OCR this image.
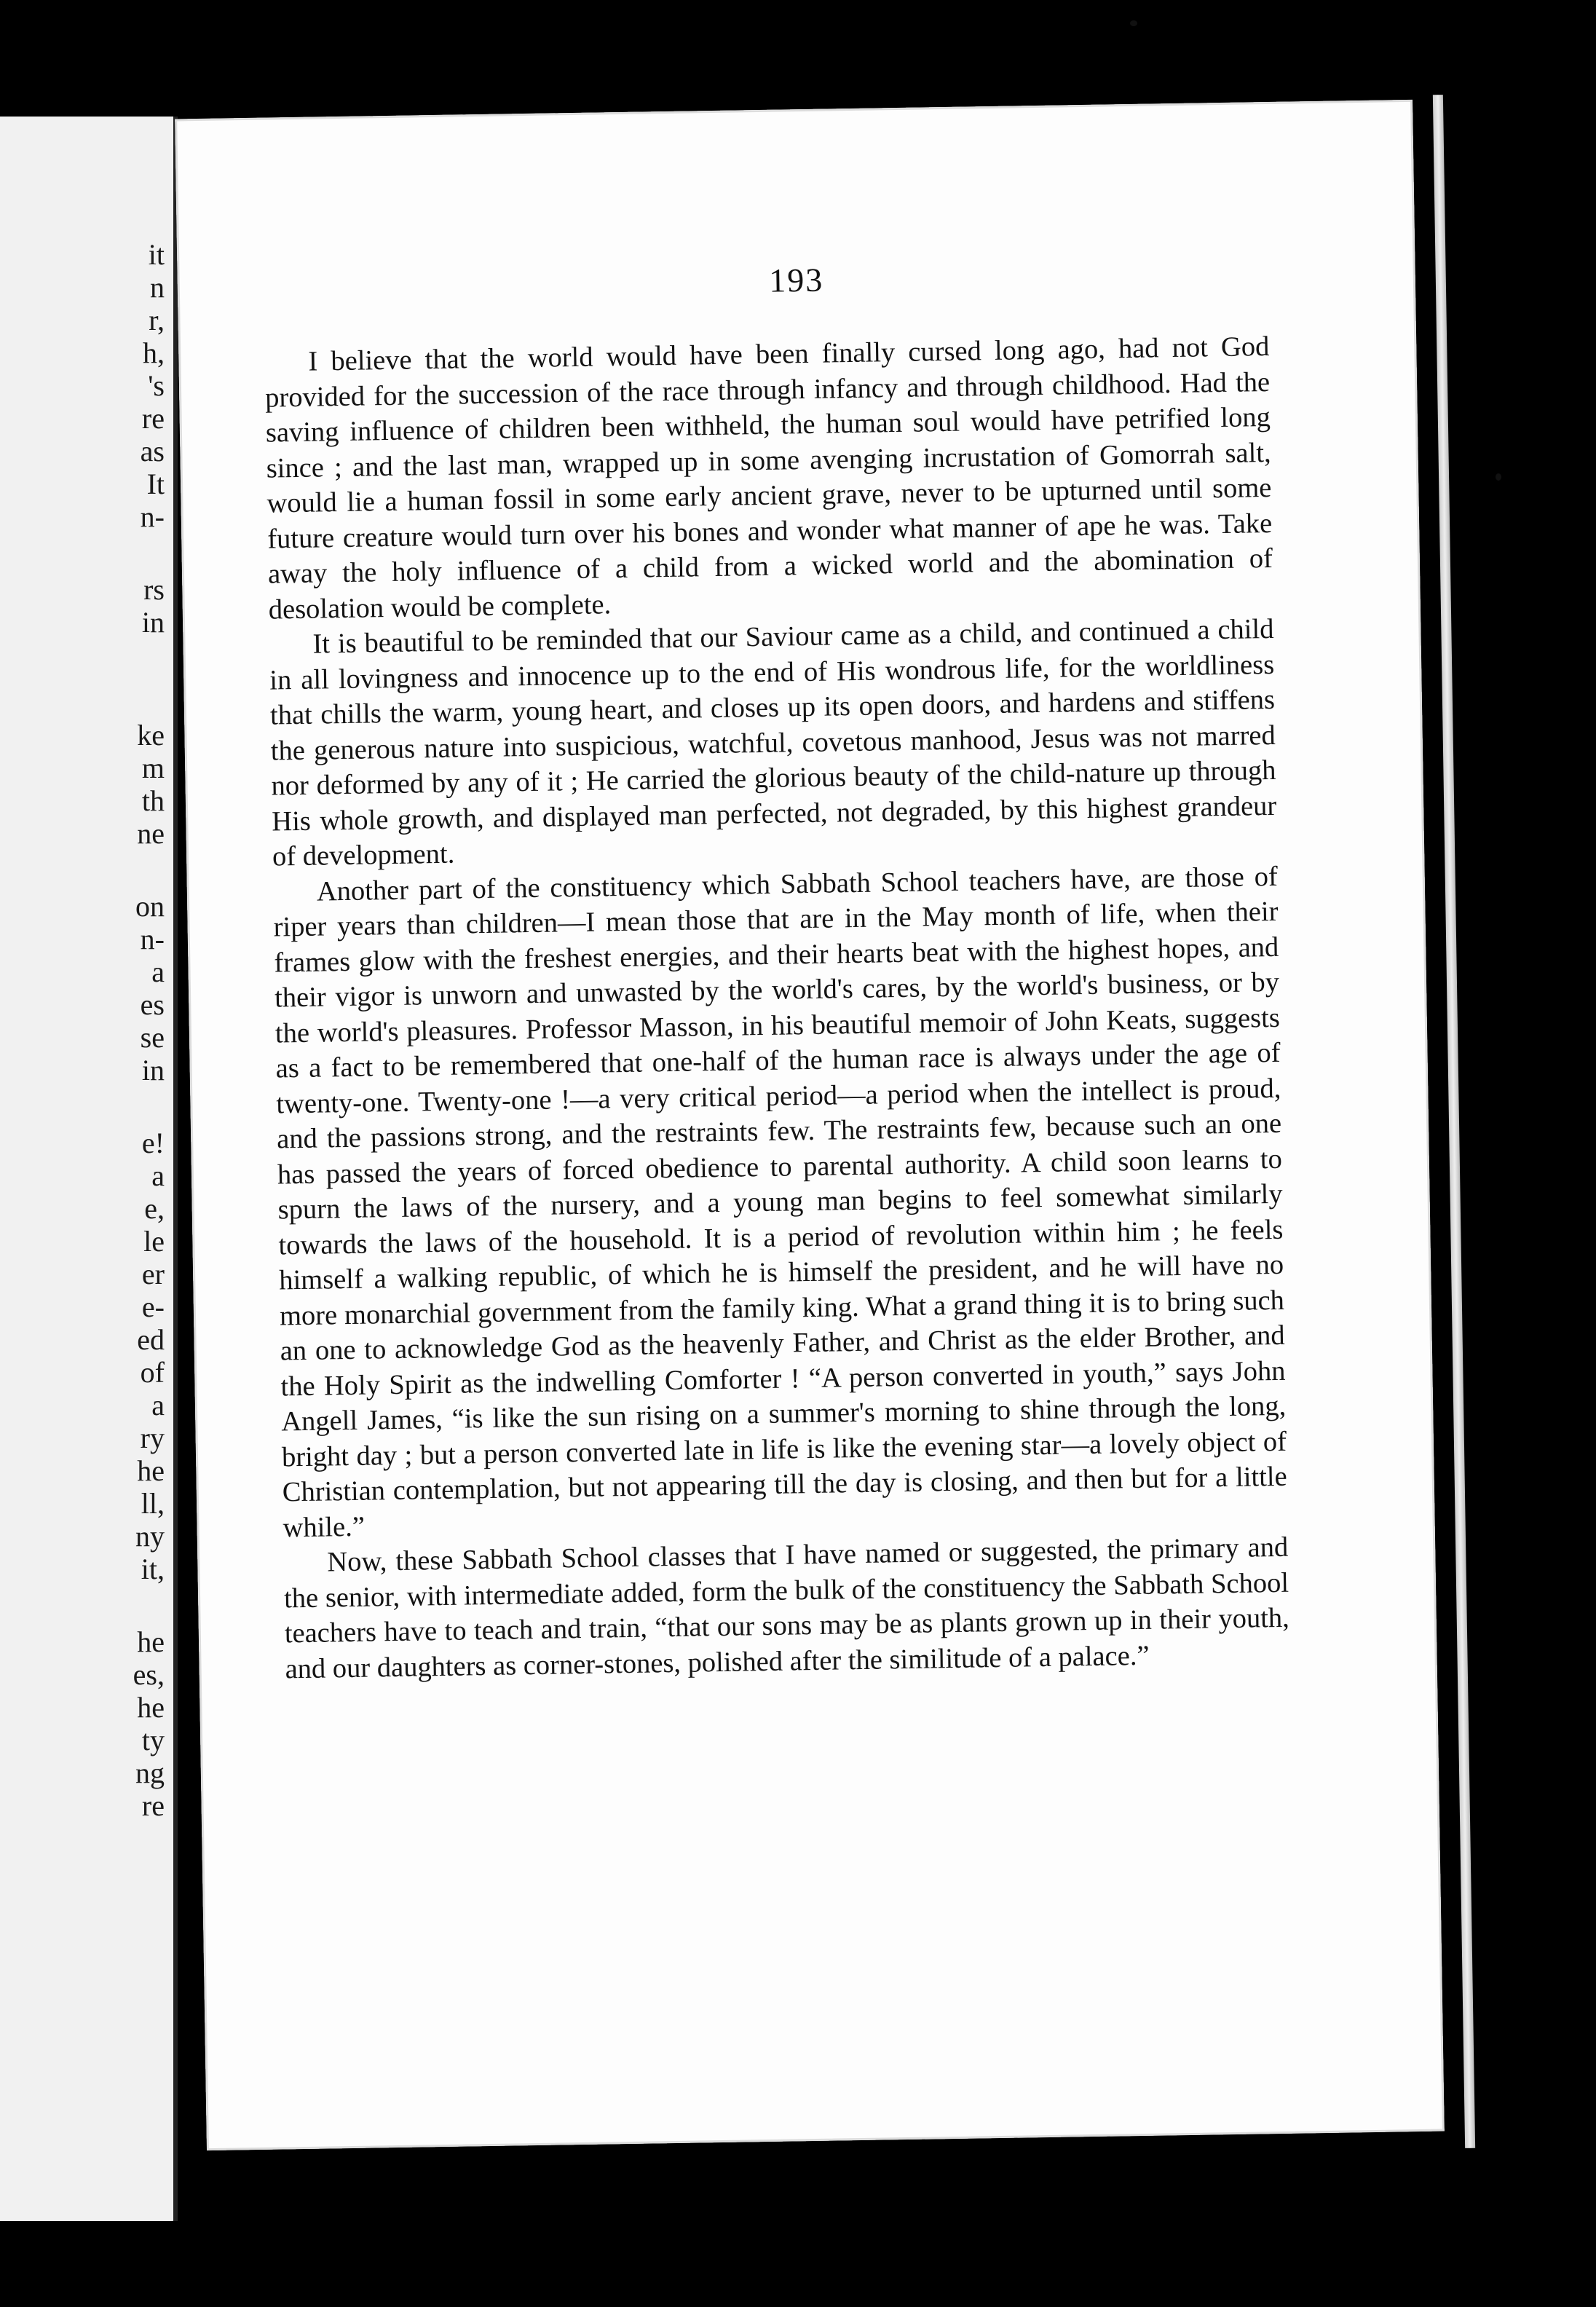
it
n
r,
h,
's
re
as
It
n-
rs
in
ke
m
th
ne
on
n-
a
es
se
in
e!
a
e,
le
er
e-
ed
of
a
ry
he
ll,
ny
it,
he
es,
he
ty
ng
re
193

I believe that the world would have been finally cursed long ago, had not God provided for the succession of the race through infancy and through childhood. Had the saving influence of children been withheld, the human soul would have petrified long since ; and the last man, wrapped up in some avenging incrustation of Gomorrah salt, would lie a human fossil in some early ancient grave, never to be upturned until some future creature would turn over his bones and wonder what manner of ape he was. Take away the holy influence of a child from a wicked world and the abomination of desolation would be complete.

It is beautiful to be reminded that our Saviour came as a child, and continued a child in all lovingness and innocence up to the end of His wondrous life, for the worldliness that chills the warm, young heart, and closes up its open doors, and hardens and stiffens the generous nature into suspicious, watchful, covetous manhood, Jesus was not marred nor deformed by any of it ; He carried the glorious beauty of the child-nature up through His whole growth, and displayed man perfected, not degraded, by this highest grandeur of development.

Another part of the constituency which Sabbath School teachers have, are those of riper years than children—I mean those that are in the May month of life, when their frames glow with the freshest energies, and their hearts beat with the highest hopes, and their vigor is unworn and unwasted by the world's cares, by the world's business, or by the world's pleasures. Professor Masson, in his beautiful memoir of John Keats, suggests as a fact to be remembered that one-half of the human race is always under the age of twenty-one. Twenty-one !—a very critical period—a period when the intellect is proud, and the passions strong, and the restraints few. The restraints few, because such an one has passed the years of forced obedience to parental authority. A child soon learns to spurn the laws of the nursery, and a young man begins to feel somewhat similarly towards the laws of the household. It is a period of revolution within him ; he feels himself a walking republic, of which he is himself the president, and he will have no more monarchial government from the family king. What a grand thing it is to bring such an one to acknowledge God as the heavenly Father, and Christ as the elder Brother, and the Holy Spirit as the indwelling Comforter ! “A person converted in youth,” says John Angell James, “is like the sun rising on a summer's morning to shine through the long, bright day ; but a person converted late in life is like the evening star—a lovely object of Christian contemplation, but not appearing till the day is closing, and then but for a little while.”

Now, these Sabbath School classes that I have named or suggested, the primary and the senior, with intermediate added, form the bulk of the constituency the Sabbath School teachers have to teach and train, “that our sons may be as plants grown up in their youth, and our daughters as corner-stones, polished after the similitude of a palace.”
